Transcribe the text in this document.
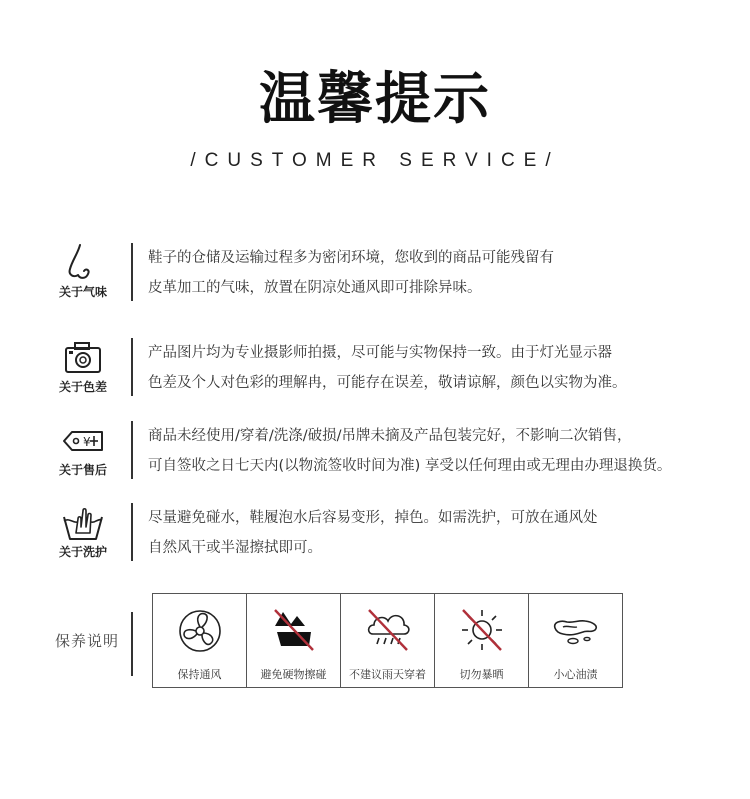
温馨提示
/CUSTOMER SERVICE/
关于气味
鞋子的仓储及运输过程多为密闭环境，您收到的商品可能残留有
皮革加工的气味，放置在阴凉处通风即可排除异味。
关于色差
产品图片均为专业摄影师拍摄，尽可能与实物保持一致。由于灯光显示器
色差及个人对色彩的理解冉，可能存在误差，敬请谅解，颜色以实物为准。
¥
关于售后
商品未经使用/穿着/洗涤/破损/吊牌未摘及产品包装完好，不影响二次销售，
可自签收之日七天内(以物流签收时间为准) 享受以任何理由或无理由办理退换货。
关于洗护
尽量避免碰水，鞋履泡水后容易变形，掉色。如需洗护，可放在通风处
自然风干或半湿擦拭即可。
保养说明
保持通风	避免硬物擦碰	不建议雨天穿着	切勿暴晒	小心油渍
